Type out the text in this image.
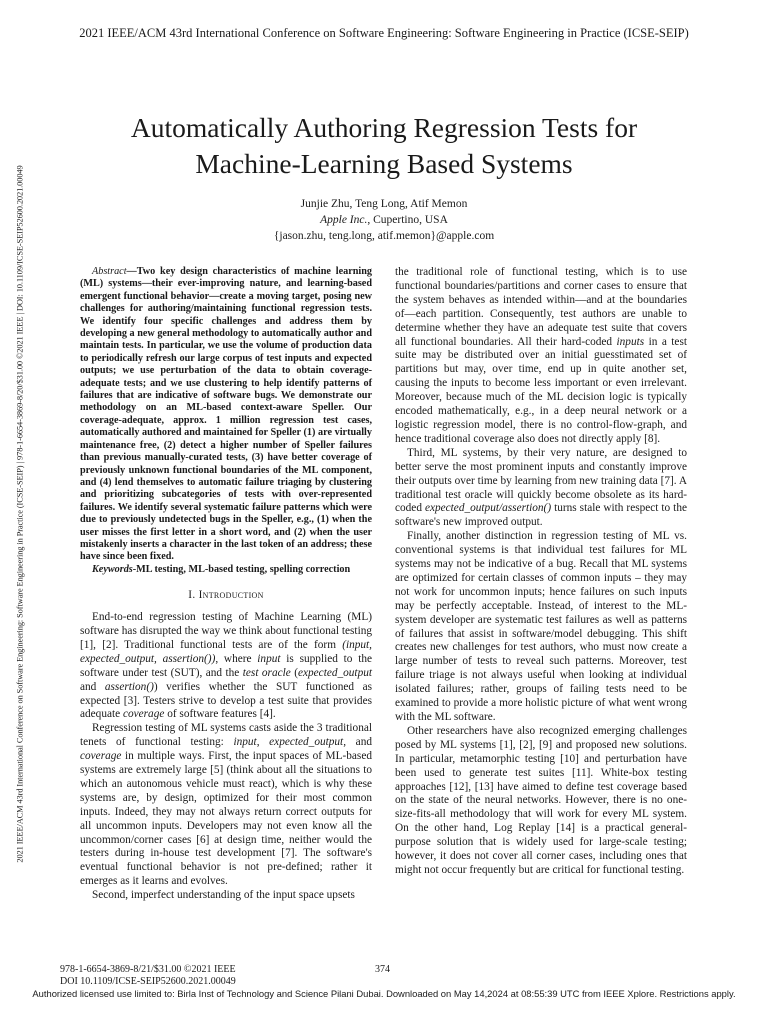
2021 IEEE/ACM 43rd International Conference on Software Engineering: Software Engineering in Practice (ICSE-SEIP)
2021 IEEE/ACM 43rd International Conference on Software Engineering: Software Engineering in Practice (ICSE-SEIP) | 978-1-6654-3869-8/20/$31.00 ©2021 IEEE | DOI: 10.1109/ICSE-SEIP52600.2021.00049
Automatically Authoring Regression Tests for
Machine-Learning Based Systems
Junjie Zhu, Teng Long, Atif Memon
Apple Inc., Cupertino, USA
{jason.zhu, teng.long, atif.memon}@apple.com

Abstract—Two key design characteristics of machine learning (ML) systems—their ever-improving nature, and learning-based emergent functional behavior—create a moving target, posing new challenges for authoring/maintaining functional regression tests. We identify four specific challenges and address them by developing a new general methodology to automatically author and maintain tests. In particular, we use the volume of production data to periodically refresh our large corpus of test inputs and expected outputs; we use perturbation of the data to obtain coverage-adequate tests; and we use clustering to help identify patterns of failures that are indicative of software bugs. We demonstrate our methodology on an ML-based context-aware Speller. Our coverage-adequate, approx. 1 million regression test cases, automatically authored and maintained for Speller (1) are virtually maintenance free, (2) detect a higher number of Speller failures than previous manually-curated tests, (3) have better coverage of previously unknown functional boundaries of the ML component, and (4) lend themselves to automatic failure triaging by clustering and prioritizing subcategories of tests with over-represented failures. We identify several systematic failure patterns which were due to previously undetected bugs in the Speller, e.g., (1) when the user misses the first letter in a short word, and (2) when the user mistakenly inserts a character in the last token of an address; these have since been fixed.

Keywords-ML testing, ML-based testing, spelling correction

I. Introduction

End-to-end regression testing of Machine Learning (ML) software has disrupted the way we think about functional testing [1], [2]. Traditional functional tests are of the form (input, expected_output, assertion()), where input is supplied to the software under test (SUT), and the test oracle (expected_output and assertion()) verifies whether the SUT functioned as expected [3]. Testers strive to develop a test suite that provides adequate coverage of software features [4].

Regression testing of ML systems casts aside the 3 traditional tenets of functional testing: input, expected_output, and coverage in multiple ways. First, the input spaces of ML-based systems are extremely large [5] (think about all the situations to which an autonomous vehicle must react), which is why these systems are, by design, optimized for their most common inputs. Indeed, they may not always return correct outputs for all uncommon inputs. Developers may not even know all the uncommon/corner cases [6] at design time, neither would the testers during in-house test development [7]. The software's eventual functional behavior is not pre-defined; rather it emerges as it learns and evolves.

Second, imperfect understanding of the input space upsets

the traditional role of functional testing, which is to use functional boundaries/partitions and corner cases to ensure that the system behaves as intended within—and at the boundaries of—each partition. Consequently, test authors are unable to determine whether they have an adequate test suite that covers all functional boundaries. All their hard-coded inputs in a test suite may be distributed over an initial guesstimated set of partitions but may, over time, end up in quite another set, causing the inputs to become less important or even irrelevant. Moreover, because much of the ML decision logic is typically encoded mathematically, e.g., in a deep neural network or a logistic regression model, there is no control-flow-graph, and hence traditional coverage also does not directly apply [8].

Third, ML systems, by their very nature, are designed to better serve the most prominent inputs and constantly improve their outputs over time by learning from new training data [7]. A traditional test oracle will quickly become obsolete as its hard-coded expected_output/assertion() turns stale with respect to the software's new improved output.

Finally, another distinction in regression testing of ML vs. conventional systems is that individual test failures for ML systems may not be indicative of a bug. Recall that ML systems are optimized for certain classes of common inputs – they may not work for uncommon inputs; hence failures on such inputs may be perfectly acceptable. Instead, of interest to the ML-system developer are systematic test failures as well as patterns of failures that assist in software/model debugging. This shift creates new challenges for test authors, who must now create a large number of tests to reveal such patterns. Moreover, test failure triage is not always useful when looking at individual isolated failures; rather, groups of failing tests need to be examined to provide a more holistic picture of what went wrong with the ML software.

Other researchers have also recognized emerging challenges posed by ML systems [1], [2], [9] and proposed new solutions. In particular, metamorphic testing [10] and perturbation have been used to generate test suites [11]. White-box testing approaches [12], [13] have aimed to define test coverage based on the state of the neural networks. However, there is no one-size-fits-all methodology that will work for every ML system. On the other hand, Log Replay [14] is a practical general-purpose solution that is widely used for large-scale testing; however, it does not cover all corner cases, including ones that might not occur frequently but are critical for functional testing.

978-1-6654-3869-8/21/$31.00 ©2021 IEEE
DOI 10.1109/ICSE-SEIP52600.2021.00049
374
Authorized licensed use limited to: Birla Inst of Technology and Science Pilani Dubai. Downloaded on May 14,2024 at 08:55:39 UTC from IEEE Xplore. Restrictions apply.
